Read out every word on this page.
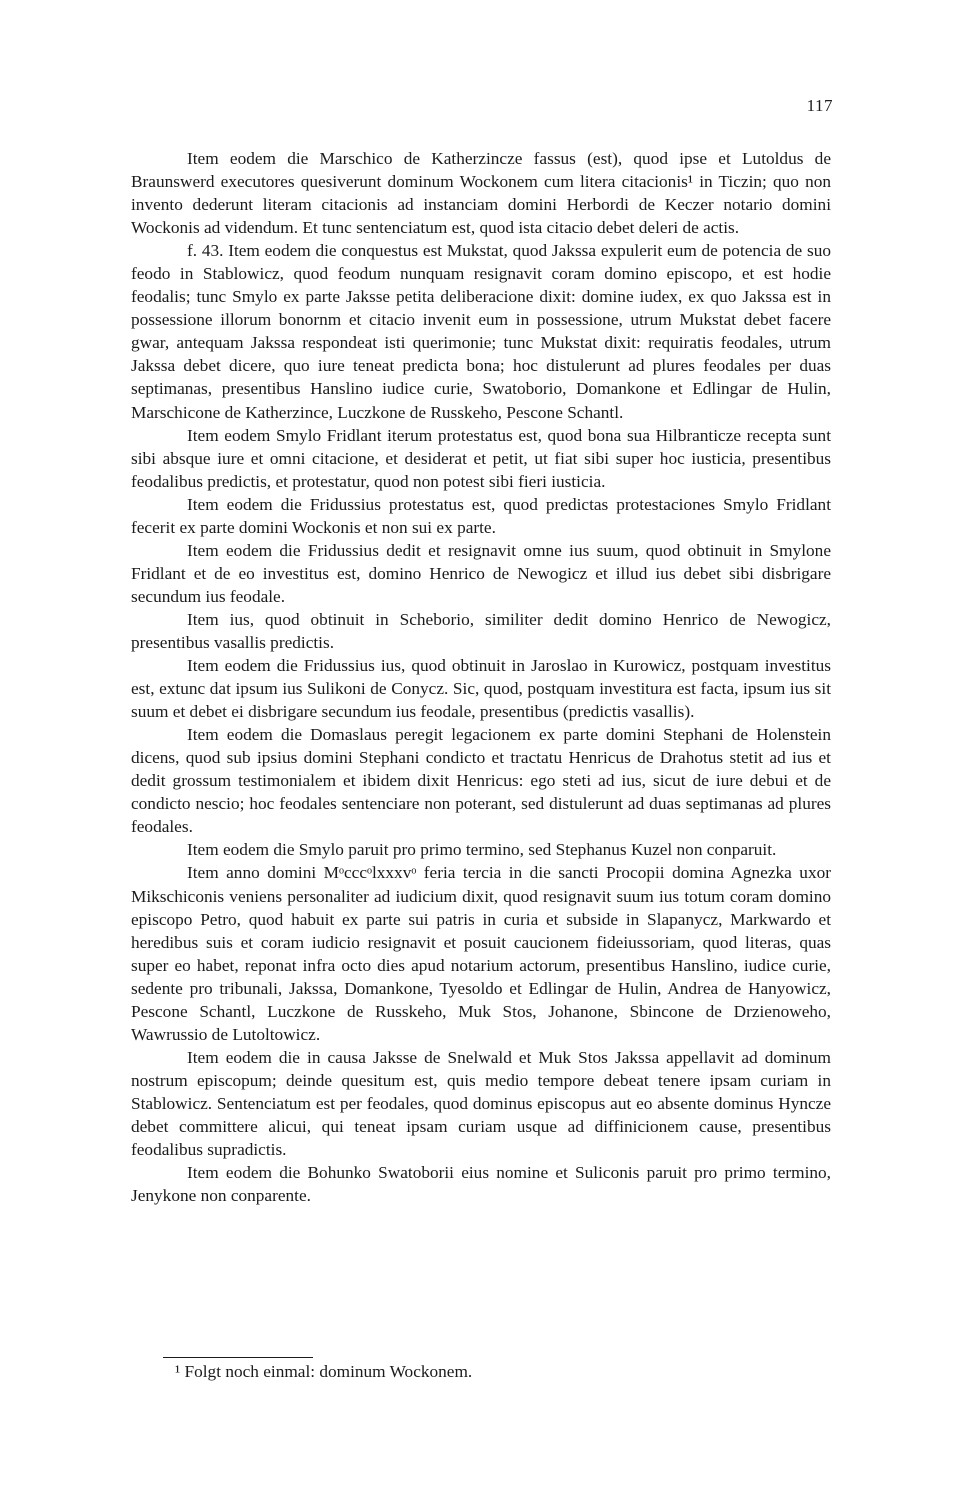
117

Item eodem die Marschico de Katherzincze fassus (est), quod ipse et Lutoldus de Braunswerd executores quesiverunt dominum Wockonem cum litera citacionis¹ in Ticzin; quo non invento dederunt literam citacionis ad instanciam domini Herbordi de Keczer notario domini Wockonis ad videndum. Et tunc sentenciatum est, quod ista citacio debet deleri de actis.

f. 43. Item eodem die conquestus est Mukstat, quod Jakssa expulerit eum de potencia de suo feodo in Stablowicz, quod feodum nunquam resignavit coram domino episcopo, et est hodie feodalis; tunc Smylo ex parte Jaksse petita deliberacione dixit: domine iudex, ex quo Jakssa est in possessione illorum bonornm et citacio invenit eum in possessione, utrum Mukstat debet facere gwar, antequam Jakssa respondeat isti querimonie; tunc Mukstat dixit: requiratis feodales, utrum Jakssa debet dicere, quo iure teneat predicta bona; hoc distulerunt ad plures feodales per duas septimanas, presentibus Hanslino iudice curie, Swatoborio, Domankone et Edlingar de Hulin, Marschicone de Katherzince, Luczkone de Russkeho, Pescone Schantl.

Item eodem Smylo Fridlant iterum protestatus est, quod bona sua Hilbranticze recepta sunt sibi absque iure et omni citacione, et desiderat et petit, ut fiat sibi super hoc iusticia, presentibus feodalibus predictis, et protestatur, quod non potest sibi fieri iusticia.

Item eodem die Fridussius protestatus est, quod predictas protestaciones Smylo Fridlant fecerit ex parte domini Wockonis et non sui ex parte.

Item eodem die Fridussius dedit et resignavit omne ius suum, quod obtinuit in Smylone Fridlant et de eo investitus est, domino Henrico de Newogicz et illud ius debet sibi disbrigare secundum ius feodale.

Item ius, quod obtinuit in Scheborio, similiter dedit domino Henrico de Newogicz, presentibus vasallis predictis.

Item eodem die Fridussius ius, quod obtinuit in Jaroslao in Kurowicz, postquam investitus est, extunc dat ipsum ius Sulikoni de Conycz. Sic, quod, postquam investitura est facta, ipsum ius sit suum et debet ei disbrigare secundum ius feodale, presentibus (predictis vasallis).

Item eodem die Domaslaus peregit legacionem ex parte domini Stephani de Holenstein dicens, quod sub ipsius domini Stephani condicto et tractatu Henricus de Drahotus stetit ad ius et dedit grossum testimonialem et ibidem dixit Henricus: ego steti ad ius, sicut de iure debui et de condicto nescio; hoc feodales sentenciare non poterant, sed distulerunt ad duas septimanas ad plures feodales.

Item eodem die Smylo paruit pro primo termino, sed Stephanus Kuzel non conparuit.

Item anno domini Mᵒcccᵒlxxxvᵒ feria tercia in die sancti Procopii domina Agnezka uxor Mikschiconis veniens personaliter ad iudicium dixit, quod resignavit suum ius totum coram domino episcopo Petro, quod habuit ex parte sui patris in curia et subside in Slapanycz, Markwardo et heredibus suis et coram iudicio resignavit et posuit caucionem fideiussoriam, quod literas, quas super eo habet, reponat infra octo dies apud notarium actorum, presentibus Hanslino, iudice curie, sedente pro tribunali, Jakssa, Domankone, Tyesoldo et Edlingar de Hulin, Andrea de Hanyowicz, Pescone Schantl, Luczkone de Russkeho, Muk Stos, Johanone, Sbincone de Drzienoweho, Wawrussio de Lutoltowicz.

Item eodem die in causa Jaksse de Snelwald et Muk Stos Jakssa appellavit ad dominum nostrum episcopum; deinde quesitum est, quis medio tempore debeat tenere ipsam curiam in Stablowicz. Sentenciatum est per feodales, quod dominus episcopus aut eo absente dominus Hyncze debet committere alicui, qui teneat ipsam curiam usque ad diffinicionem cause, presentibus feodalibus supradictis.

Item eodem die Bohunko Swatoborii eius nomine et Suliconis paruit pro primo termino, Jenykone non conparente.

¹ Folgt noch einmal: dominum Wockonem.
